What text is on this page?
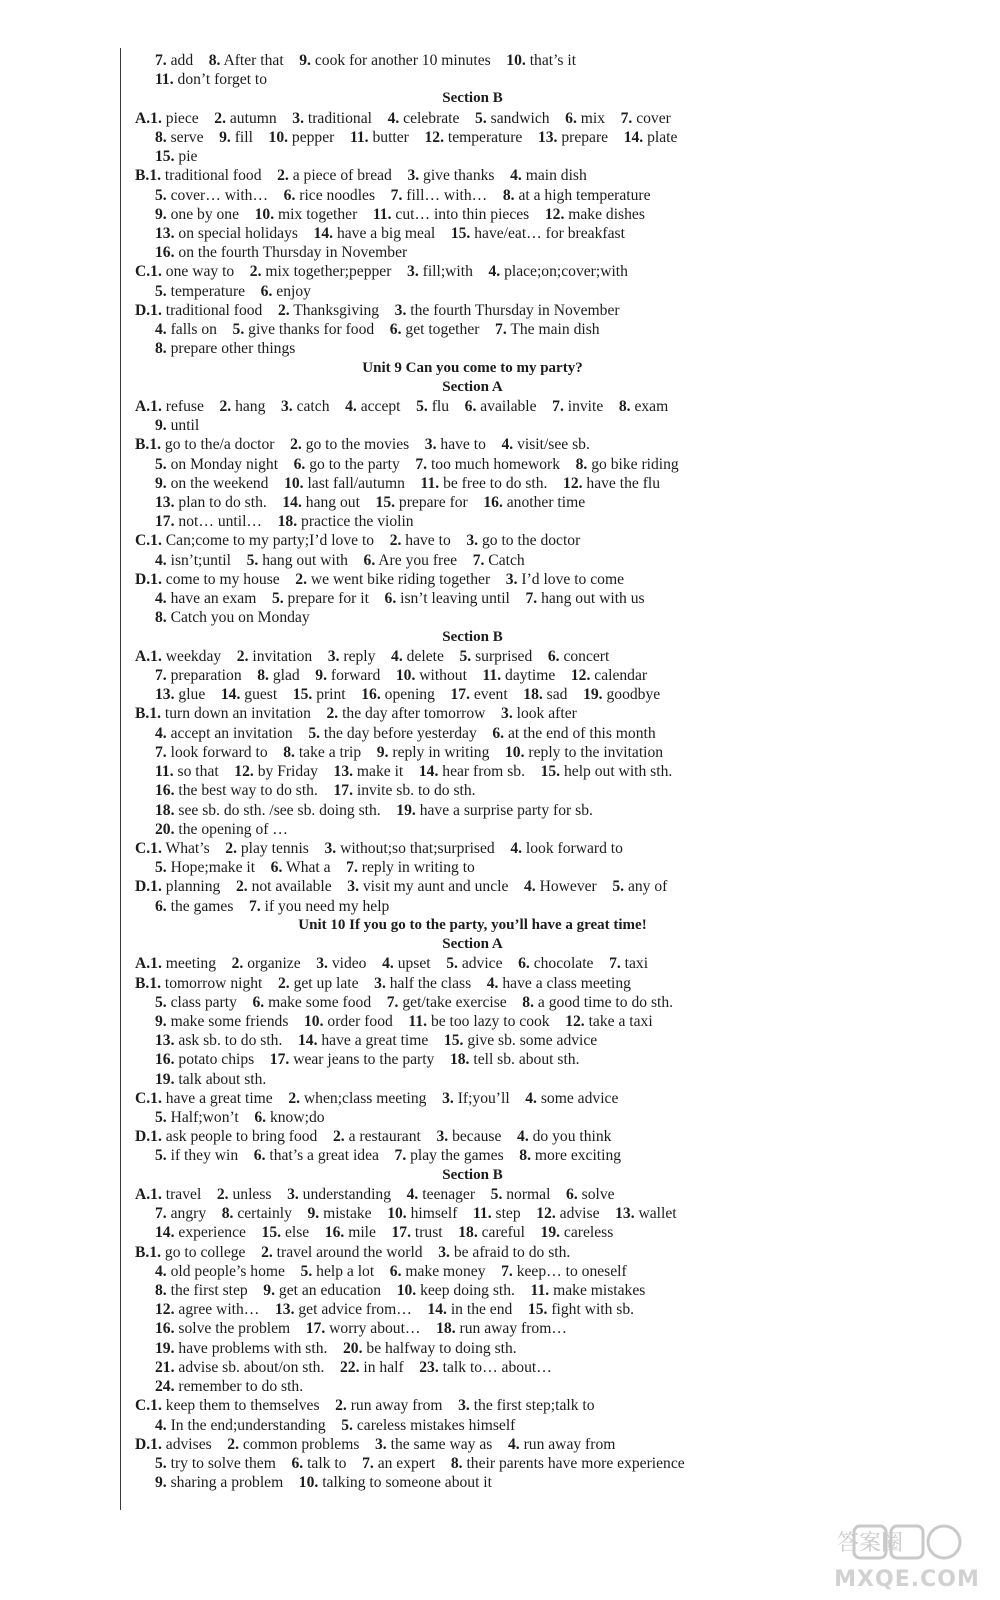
7. add   8. After that   9. cook for another 10 minutes   10. that’s it
11. don’t forget to
Section B
A.1. piece   2. autumn   3. traditional   4. celebrate   5. sandwich   6. mix   7. cover
8. serve   9. fill   10. pepper   11. butter   12. temperature   13. prepare   14. plate
15. pie
B.1. traditional food   2. a piece of bread   3. give thanks   4. main dish
5. cover… with…   6. rice noodles   7. fill… with…   8. at a high temperature
9. one by one   10. mix together   11. cut… into thin pieces   12. make dishes
13. on special holidays   14. have a big meal   15. have/eat… for breakfast
16. on the fourth Thursday in November
C.1. one way to   2. mix together;pepper   3. fill;with   4. place;on;cover;with
5. temperature   6. enjoy
D.1. traditional food   2. Thanksgiving   3. the fourth Thursday in November
4. falls on   5. give thanks for food   6. get together   7. The main dish
8. prepare other things
Unit 9 Can you come to my party?
Section A
A.1. refuse   2. hang   3. catch   4. accept   5. flu   6. available   7. invite   8. exam
9. until
B.1. go to the/a doctor   2. go to the movies   3. have to   4. visit/see sb.
5. on Monday night   6. go to the party   7. too much homework   8. go bike riding
9. on the weekend   10. last fall/autumn   11. be free to do sth.   12. have the flu
13. plan to do sth.   14. hang out   15. prepare for   16. another time
17. not… until…   18. practice the violin
C.1. Can;come to my party;I’d love to   2. have to   3. go to the doctor
4. isn’t;until   5. hang out with   6. Are you free   7. Catch
D.1. come to my house   2. we went bike riding together   3. I’d love to come
4. have an exam   5. prepare for it   6. isn’t leaving until   7. hang out with us
8. Catch you on Monday
Section B
A.1. weekday   2. invitation   3. reply   4. delete   5. surprised   6. concert
7. preparation   8. glad   9. forward   10. without   11. daytime   12. calendar
13. glue   14. guest   15. print   16. opening   17. event   18. sad   19. goodbye
B.1. turn down an invitation   2. the day after tomorrow   3. look after
4. accept an invitation   5. the day before yesterday   6. at the end of this month
7. look forward to   8. take a trip   9. reply in writing   10. reply to the invitation
11. so that   12. by Friday   13. make it   14. hear from sb.   15. help out with sth.
16. the best way to do sth.   17. invite sb. to do sth.
18. see sb. do sth. /see sb. doing sth.   19. have a surprise party for sb.
20. the opening of …
C.1. What’s   2. play tennis   3. without;so that;surprised   4. look forward to
5. Hope;make it   6. What a   7. reply in writing to
D.1. planning   2. not available   3. visit my aunt and uncle   4. However   5. any of
6. the games   7. if you need my help
Unit 10 If you go to the party, you’ll have a great time!
Section A
A.1. meeting   2. organize   3. video   4. upset   5. advice   6. chocolate   7. taxi
B.1. tomorrow night   2. get up late   3. half the class   4. have a class meeting
5. class party   6. make some food   7. get/take exercise   8. a good time to do sth.
9. make some friends   10. order food   11. be too lazy to cook   12. take a taxi
13. ask sb. to do sth.   14. have a great time   15. give sb. some advice
16. potato chips   17. wear jeans to the party   18. tell sb. about sth.
19. talk about sth.
C.1. have a great time   2. when;class meeting   3. If;you’ll   4. some advice
5. Half;won’t   6. know;do
D.1. ask people to bring food   2. a restaurant   3. because   4. do you think
5. if they win   6. that’s a great idea   7. play the games   8. more exciting
Section B
A.1. travel   2. unless   3. understanding   4. teenager   5. normal   6. solve
7. angry   8. certainly   9. mistake   10. himself   11. step   12. advise   13. wallet
14. experience   15. else   16. mile   17. trust   18. careful   19. careless
B.1. go to college   2. travel around the world   3. be afraid to do sth.
4. old people’s home   5. help a lot   6. make money   7. keep… to oneself
8. the first step   9. get an education   10. keep doing sth.   11. make mistakes
12. agree with…   13. get advice from…   14. in the end   15. fight with sb.
16. solve the problem   17. worry about…   18. run away from…
19. have problems with sth.   20. be halfway to doing sth.
21. advise sb. about/on sth.   22. in half   23. talk to… about…
24. remember to do sth.
C.1. keep them to themselves   2. run away from   3. the first step;talk to
4. In the end;understanding   5. careless mistakes himself
D.1. advises   2. common problems   3. the same way as   4. run away from
5. try to solve them   6. talk to   7. an expert   8. their parents have more experience
9. sharing a problem   10. talking to someone about it
答案圈
MXQE.COM
